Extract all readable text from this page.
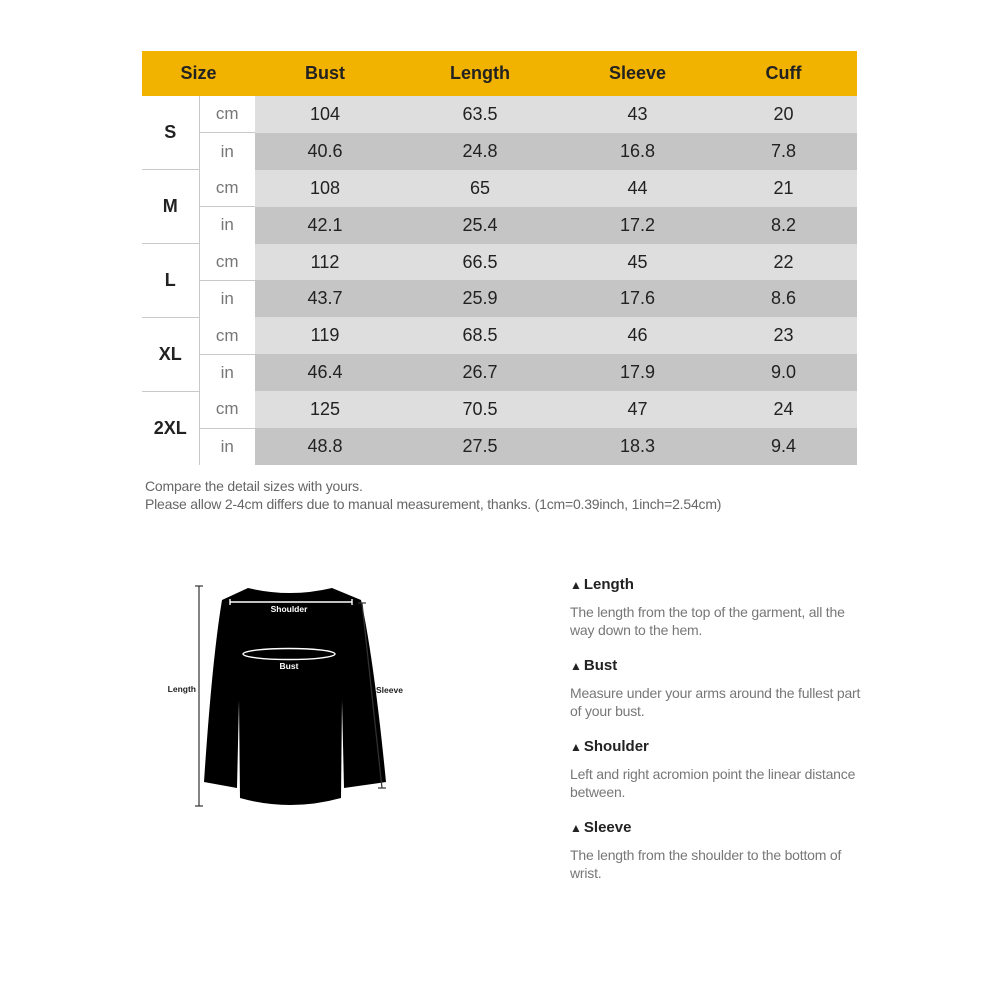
Size		Bust	Length	Sleeve	Cuff
S	cm	104	63.5	43	20
	in	40.6	24.8	16.8	7.8
M	cm	108	65	44	21
	in	42.1	25.4	17.2	8.2
L	cm	112	66.5	45	22
	in	43.7	25.9	17.6	8.6
XL	cm	119	68.5	46	23
	in	46.4	26.7	17.9	9.0
2XL	cm	125	70.5	47	24
	in	48.8	27.5	18.3	9.4
Compare the detail sizes with yours.
Please allow 2-4cm differs due to manual measurement, thanks. (1cm=0.39inch, 1inch=2.54cm)
Shoulder
Bust
Length	Sleeve
▲ Length
The length from the top of the garment, all the way down to the hem.
▲ Bust
Measure under your arms around the fullest part of your bust.
▲ Shoulder
Left and right acromion point the linear distance between.
▲ Sleeve
The length from the shoulder to the bottom of wrist.
